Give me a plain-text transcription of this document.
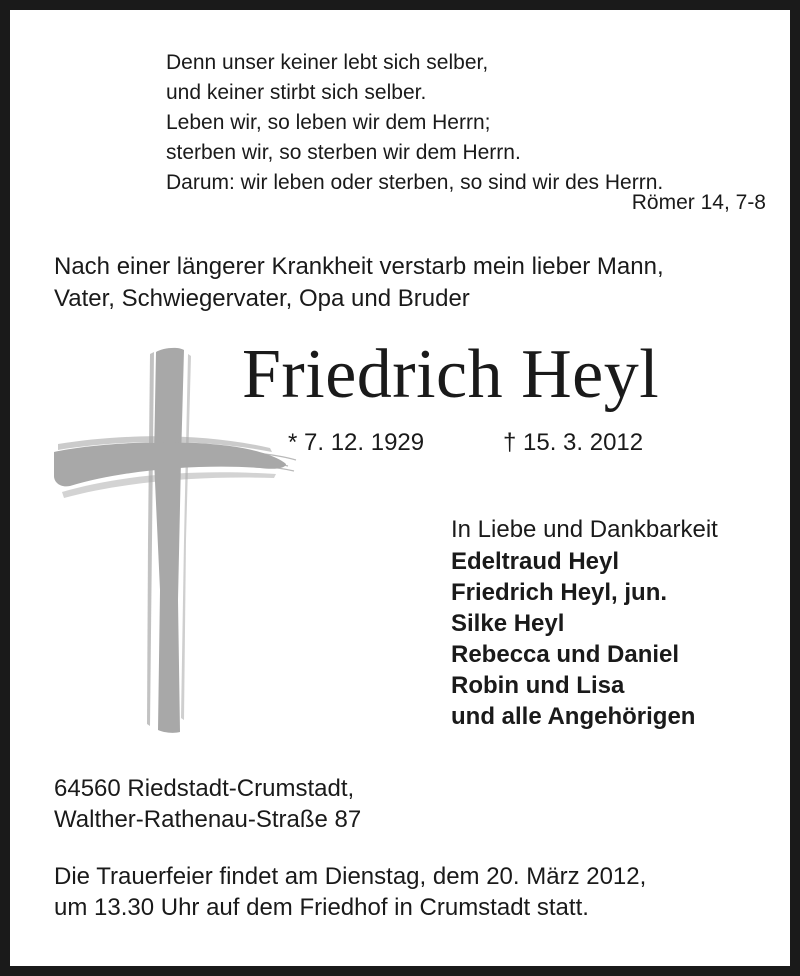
Denn unser keiner lebt sich selber,
und keiner stirbt sich selber.
Leben wir, so leben wir dem Herrn;
sterben wir, so sterben wir dem Herrn.
Darum: wir leben oder sterben, so sind wir des Herrn.
Römer 14, 7-8
Nach einer längerer Krankheit verstarb mein lieber Mann,
Vater, Schwiegervater, Opa und Bruder
Friedrich Heyl
* 7. 12. 1929	† 15. 3. 2012
In Liebe und Dankbarkeit
Edeltraud Heyl
Friedrich Heyl, jun.
Silke Heyl
Rebecca und Daniel
Robin und Lisa
und alle Angehörigen
64560 Riedstadt-Crumstadt,
Walther-Rathenau-Straße 87
Die Trauerfeier findet am Dienstag, dem 20. März 2012,
um 13.30 Uhr auf dem Friedhof in Crumstadt statt.
